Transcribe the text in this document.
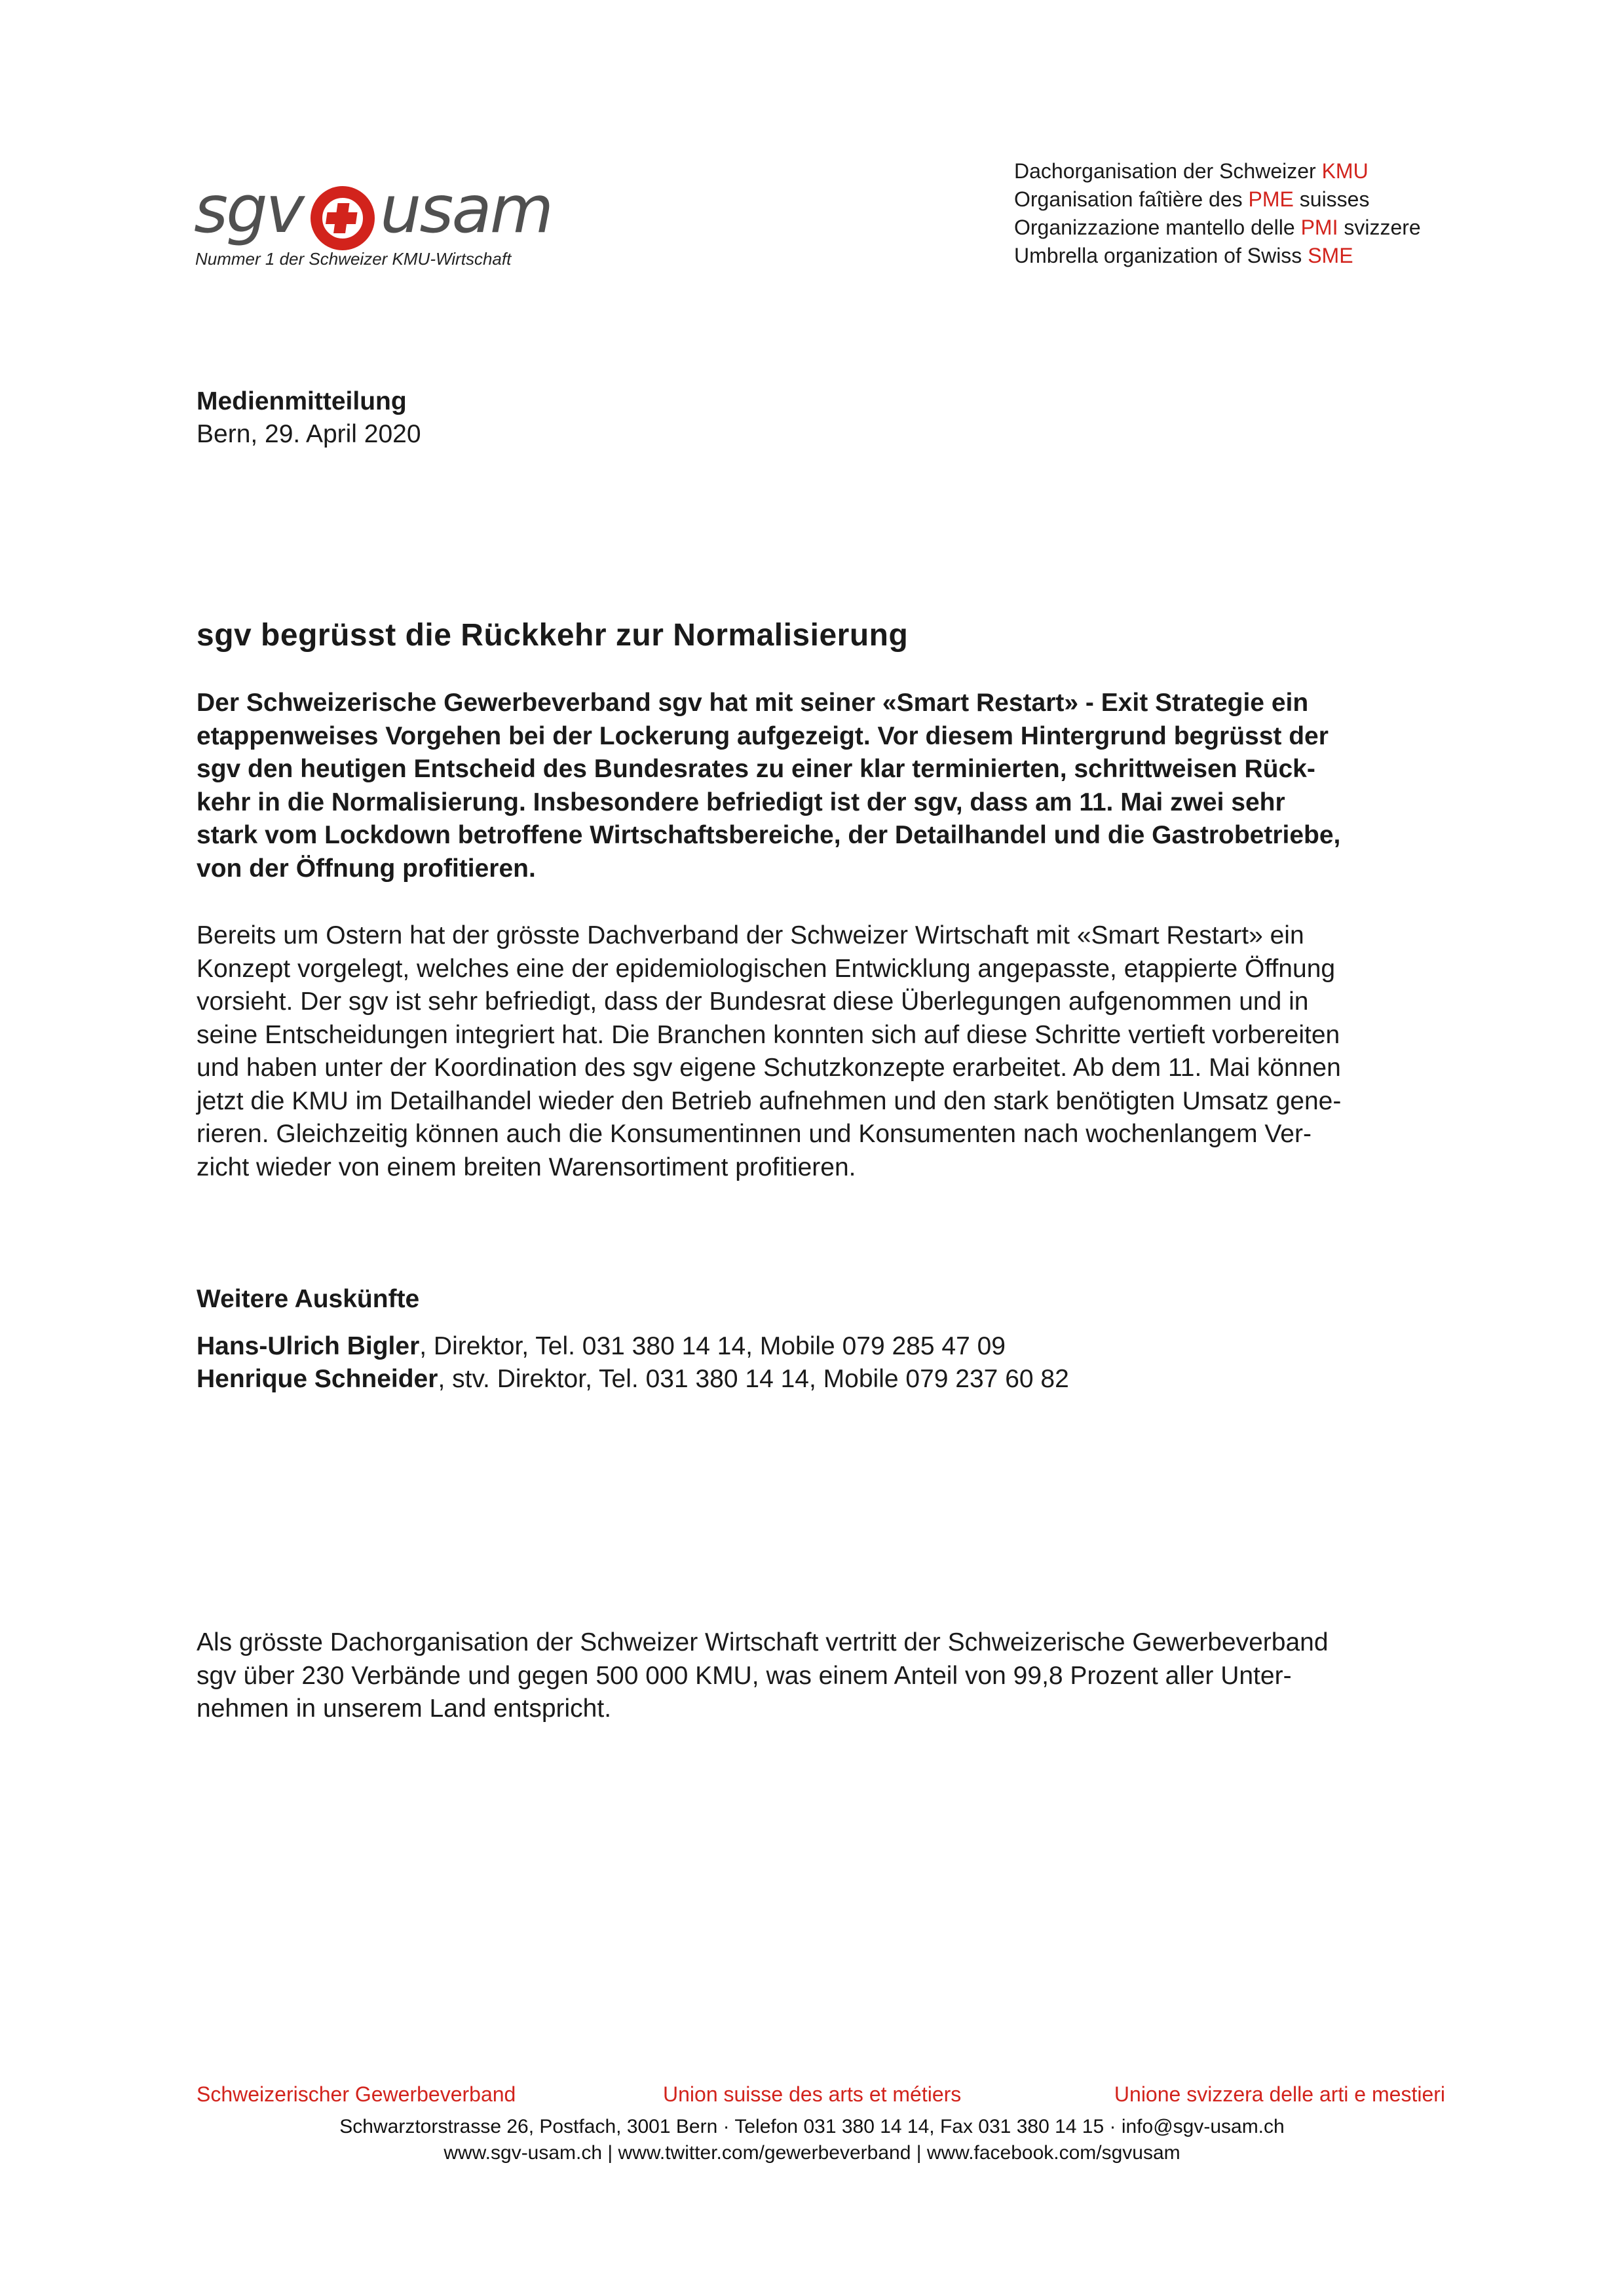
sgv usam
Nummer 1 der Schweizer KMU-Wirtschaft
Dachorganisation der Schweizer KMU
Organisation faîtière des PME suisses
Organizzazione mantello delle PMI svizzere
Umbrella organization of Swiss SME
Medienmitteilung
Bern, 29. April 2020
sgv begrüsst die Rückkehr zur Normalisierung
Der Schweizerische Gewerbeverband sgv hat mit seiner «Smart Restart» - Exit Strategie ein
etappenweises Vorgehen bei der Lockerung aufgezeigt. Vor diesem Hintergrund begrüsst der
sgv den heutigen Entscheid des Bundesrates zu einer klar terminierten, schrittweisen Rück-
kehr in die Normalisierung. Insbesondere befriedigt ist der sgv, dass am 11. Mai zwei sehr
stark vom Lockdown betroffene Wirtschaftsbereiche, der Detailhandel und die Gastrobetriebe,
von der Öffnung profitieren.
Bereits um Ostern hat der grösste Dachverband der Schweizer Wirtschaft mit «Smart Restart» ein
Konzept vorgelegt, welches eine der epidemiologischen Entwicklung angepasste, etappierte Öffnung
vorsieht. Der sgv ist sehr befriedigt, dass der Bundesrat diese Überlegungen aufgenommen und in
seine Entscheidungen integriert hat. Die Branchen konnten sich auf diese Schritte vertieft vorbereiten
und haben unter der Koordination des sgv eigene Schutzkonzepte erarbeitet. Ab dem 11. Mai können
jetzt die KMU im Detailhandel wieder den Betrieb aufnehmen und den stark benötigten Umsatz gene-
rieren. Gleichzeitig können auch die Konsumentinnen und Konsumenten nach wochenlangem Ver-
zicht wieder von einem breiten Warensortiment profitieren.
Weitere Auskünfte
Hans-Ulrich Bigler, Direktor, Tel. 031 380 14 14, Mobile 079 285 47 09
Henrique Schneider, stv. Direktor, Tel. 031 380 14 14, Mobile 079 237 60 82
Als grösste Dachorganisation der Schweizer Wirtschaft vertritt der Schweizerische Gewerbeverband
sgv über 230 Verbände und gegen 500 000 KMU, was einem Anteil von 99,8 Prozent aller Unter-
nehmen in unserem Land entspricht.
Schweizerischer Gewerbeverband	Union suisse des arts et métiers	Unione svizzera delle arti e mestieri
Schwarztorstrasse 26, Postfach, 3001 Bern · Telefon 031 380 14 14, Fax 031 380 14 15 · info@sgv-usam.ch
www.sgv-usam.ch | www.twitter.com/gewerbeverband | www.facebook.com/sgvusam
